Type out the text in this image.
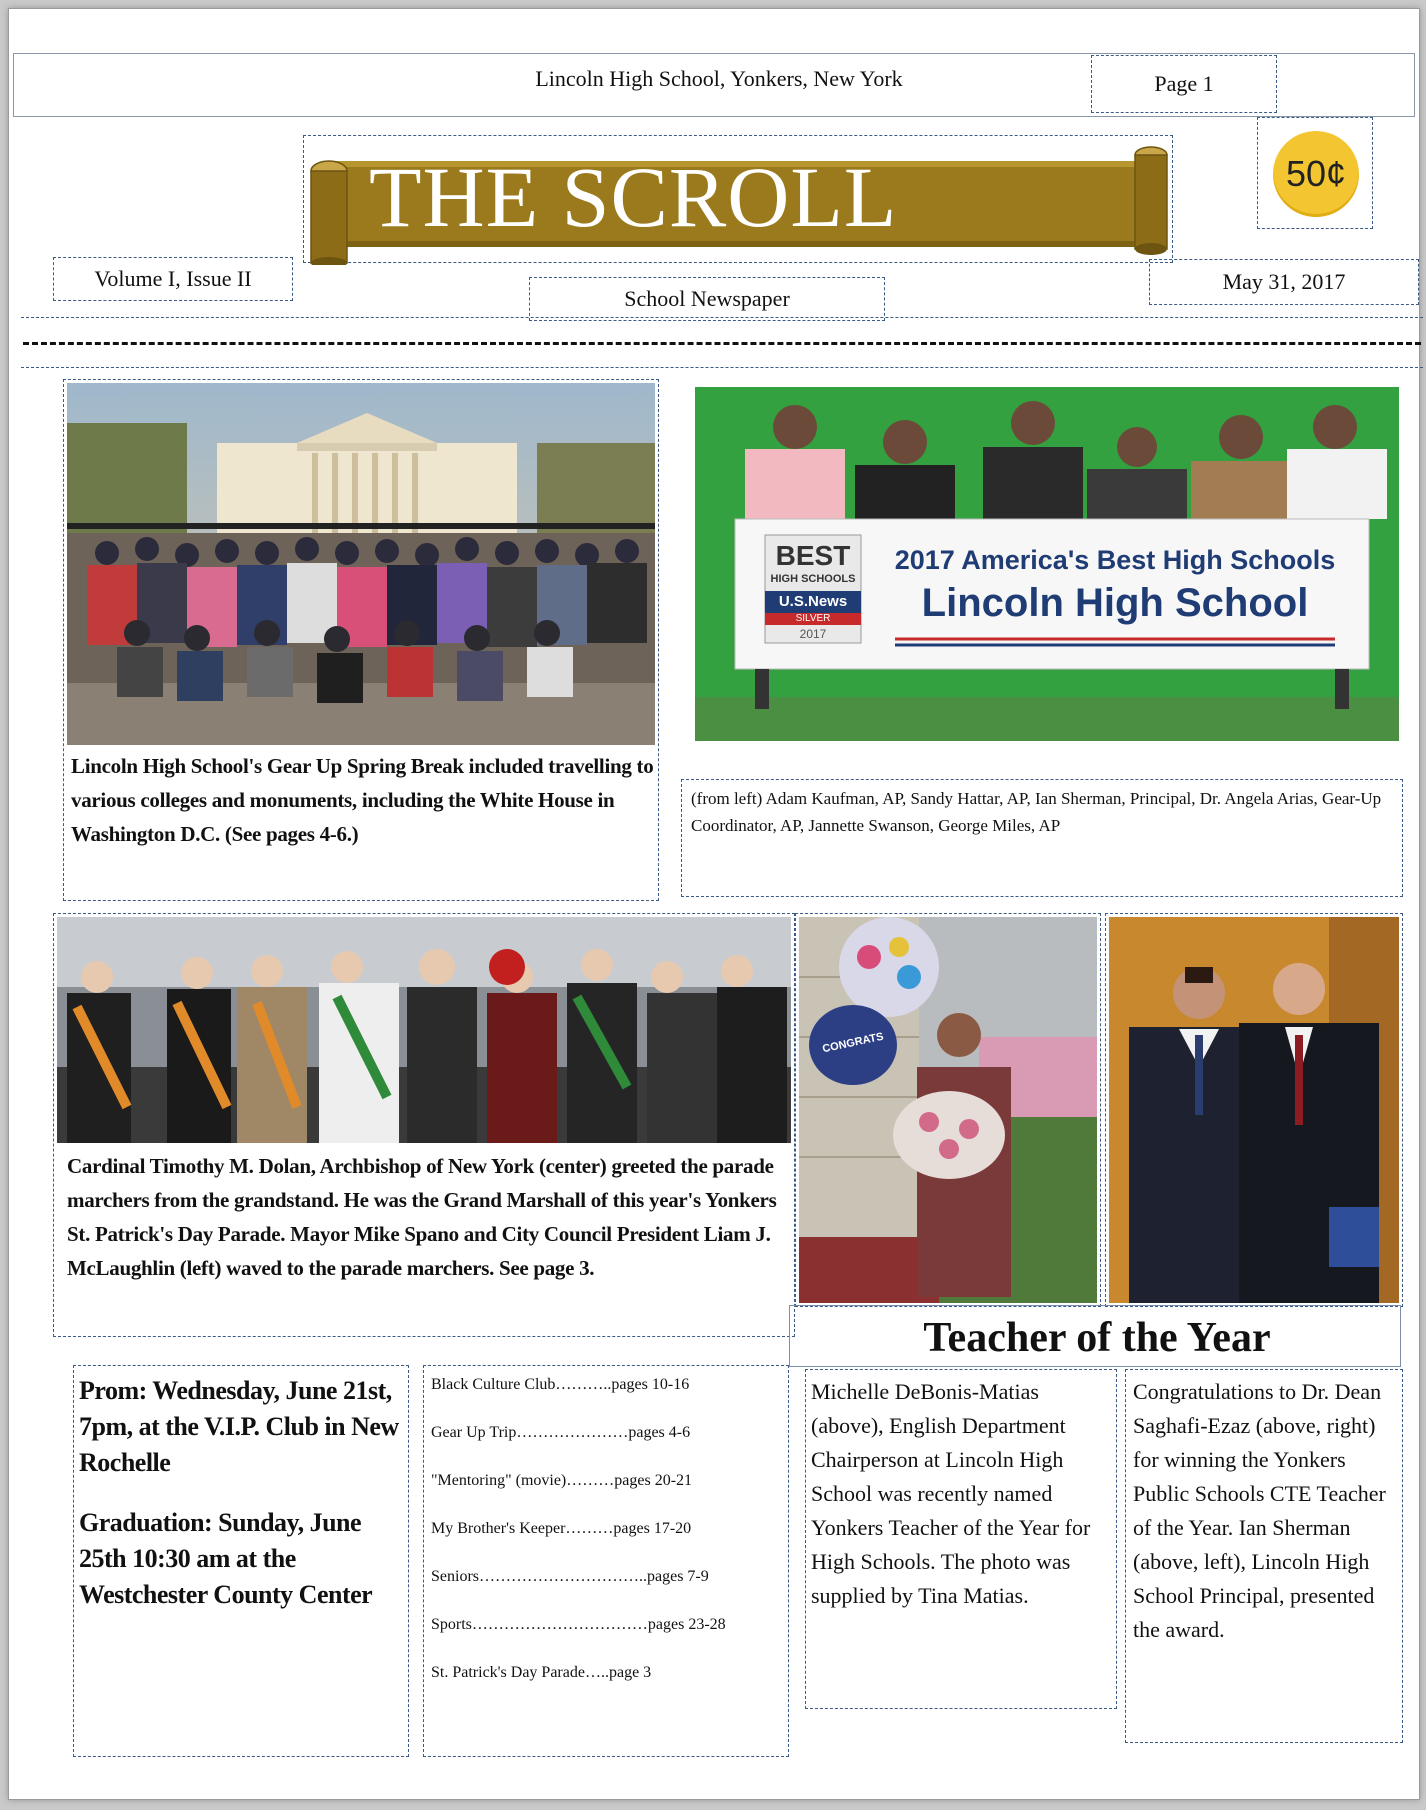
Lincoln High School, Yonkers, New York	Page 1
THE SCROLL	50¢
Volume I, Issue II
School Newspaper
May 31, 2017
Lincoln High School's Gear Up Spring Break included travelling to various colleges and monuments, including the White House in Washington D.C. (See pages 4-6.)
BEST
HIGH SCHOOLS
U.S.News
SILVER
2017
2017 America's Best High Schools
Lincoln High School
(from left) Adam Kaufman, AP, Sandy Hattar, AP, Ian Sherman, Principal, Dr. Angela Arias, Gear-Up Coordinator, AP, Jannette Swanson, George Miles, AP
Cardinal Timothy M. Dolan, Archbishop of New York (center) greeted the parade marchers from the grandstand. He was the Grand Marshall of this year's Yonkers St. Patrick's Day Parade. Mayor Mike Spano and City Council President Liam J. McLaughlin (left) waved to the parade marchers. See page 3.
CONGRATS
Teacher of the Year
Prom: Wednesday, June 21st, 7pm, at the V.I.P. Club in New Rochelle
Graduation: Sunday, June 25th 10:30 am at the Westchester County Center
Black Culture Club………..pages 10-16
Gear Up Trip…………………pages 4-6
"Mentoring" (movie)………pages 20-21
My Brother's Keeper………pages 17-20
Seniors…………………………..pages 7-9
Sports……………………………pages 23-28
St. Patrick's Day Parade…..page 3
Michelle DeBonis-Matias (above), English Department Chairperson at Lincoln High School was recently named Yonkers Teacher of the Year for High Schools. The photo was supplied by Tina Matias.
Congratulations to Dr. Dean Saghafi-Ezaz (above, right) for winning the Yonkers Public Schools CTE Teacher of the Year. Ian Sherman (above, left), Lincoln High School Principal, presented the award.
